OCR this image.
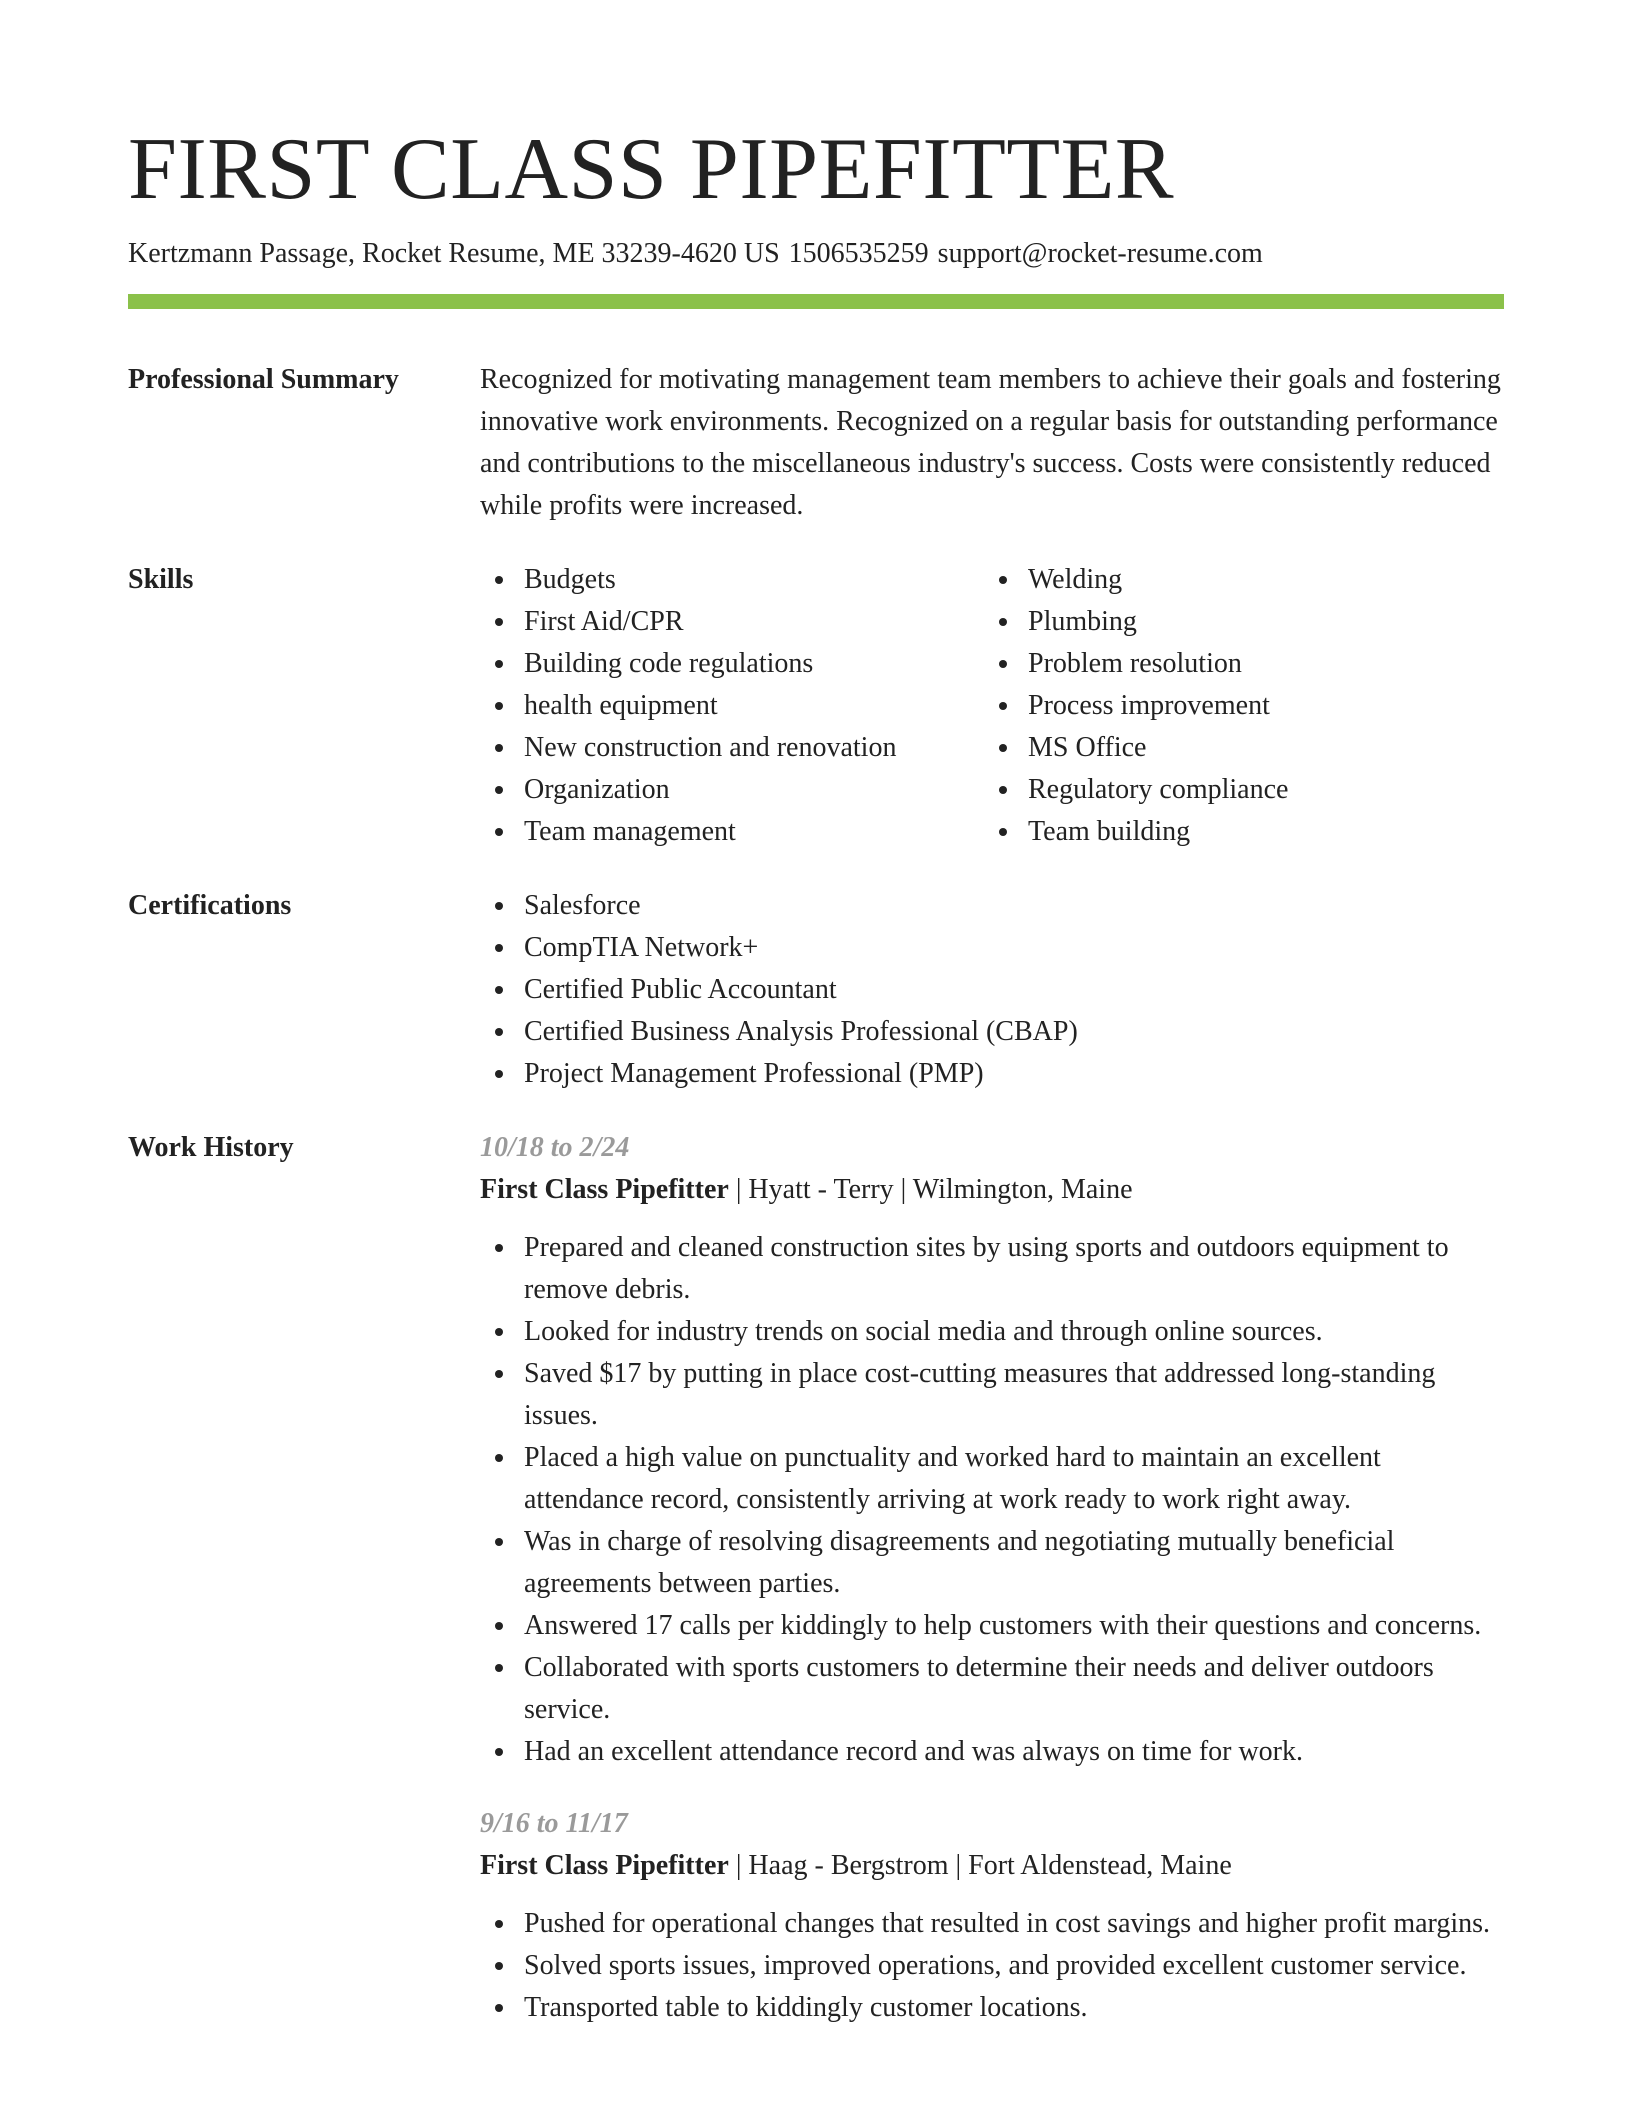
FIRST CLASS PIPEFITTER
Kertzmann Passage, Rocket Resume, ME 33239-4620 US 1506535259 support@rocket-resume.com
Professional Summary	Recognized for motivating management team members to achieve their goals and fostering innovative work environments. Recognized on a regular basis for outstanding performance and contributions to the miscellaneous industry's success. Costs were consistently reduced while profits were increased.
Skills	Budgets
First Aid/CPR
Building code regulations
health equipment
New construction and renovation
Organization
Team management
Welding
Plumbing
Problem resolution
Process improvement
MS Office
Regulatory compliance
Team building
Certifications	Salesforce
CompTIA Network+
Certified Public Accountant
Certified Business Analysis Professional (CBAP)
Project Management Professional (PMP)
Work History	10/18 to 2/24
First Class Pipefitter | Hyatt - Terry | Wilmington, Maine
Prepared and cleaned construction sites by using sports and outdoors equipment to remove debris.
Looked for industry trends on social media and through online sources.
Saved $17 by putting in place cost-cutting measures that addressed long-standing issues.
Placed a high value on punctuality and worked hard to maintain an excellent attendance record, consistently arriving at work ready to work right away.
Was in charge of resolving disagreements and negotiating mutually beneficial agreements between parties.
Answered 17 calls per kiddingly to help customers with their questions and concerns.
Collaborated with sports customers to determine their needs and deliver outdoors service.
Had an excellent attendance record and was always on time for work.
9/16 to 11/17
First Class Pipefitter | Haag - Bergstrom | Fort Aldenstead, Maine
Pushed for operational changes that resulted in cost savings and higher profit margins.
Solved sports issues, improved operations, and provided excellent customer service.
Transported table to kiddingly customer locations.
